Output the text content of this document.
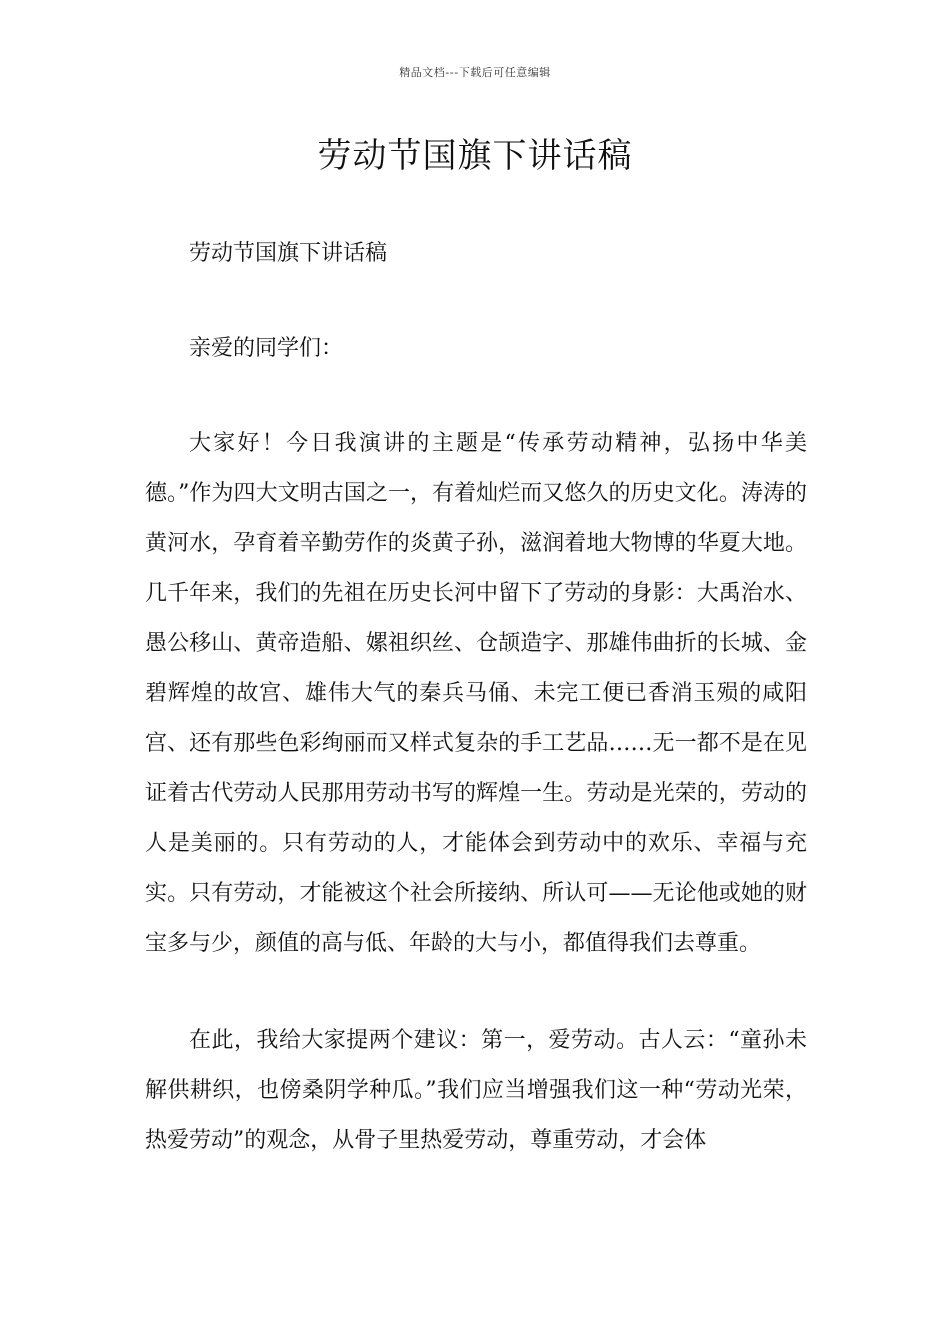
精品文档---下载后可任意编辑
劳动节国旗下讲话稿

劳动节国旗下讲话稿

亲爱的同学们：

大家好！今日我演讲的主题是“传承劳动精神，弘扬中华美德。”作为四大文明古国之一，有着灿烂而又悠久的历史文化。涛涛的黄河水，孕育着辛勤劳作的炎黄子孙，滋润着地大物博的华夏大地。几千年来，我们的先祖在历史长河中留下了劳动的身影：大禹治水、愚公移山、黄帝造船、嫘祖织丝、仓颉造字、那雄伟曲折的长城、金碧辉煌的故宫、雄伟大气的秦兵马俑、未完工便已香消玉殒的咸阳宫、还有那些色彩绚丽而又样式复杂的手工艺品……无一都不是在见证着古代劳动人民那用劳动书写的辉煌一生。劳动是光荣的，劳动的人是美丽的。只有劳动的人，才能体会到劳动中的欢乐、幸福与充实。只有劳动，才能被这个社会所接纳、所认可——无论他或她的财宝多与少，颜值的高与低、年龄的大与小，都值得我们去尊重。

在此，我给大家提两个建议：第一，爱劳动。古人云：“童孙未解供耕织，也傍桑阴学种瓜。”我们应当增强我们这一种“劳动光荣，热爱劳动”的观念，从骨子里热爱劳动，尊重劳动，才会体
